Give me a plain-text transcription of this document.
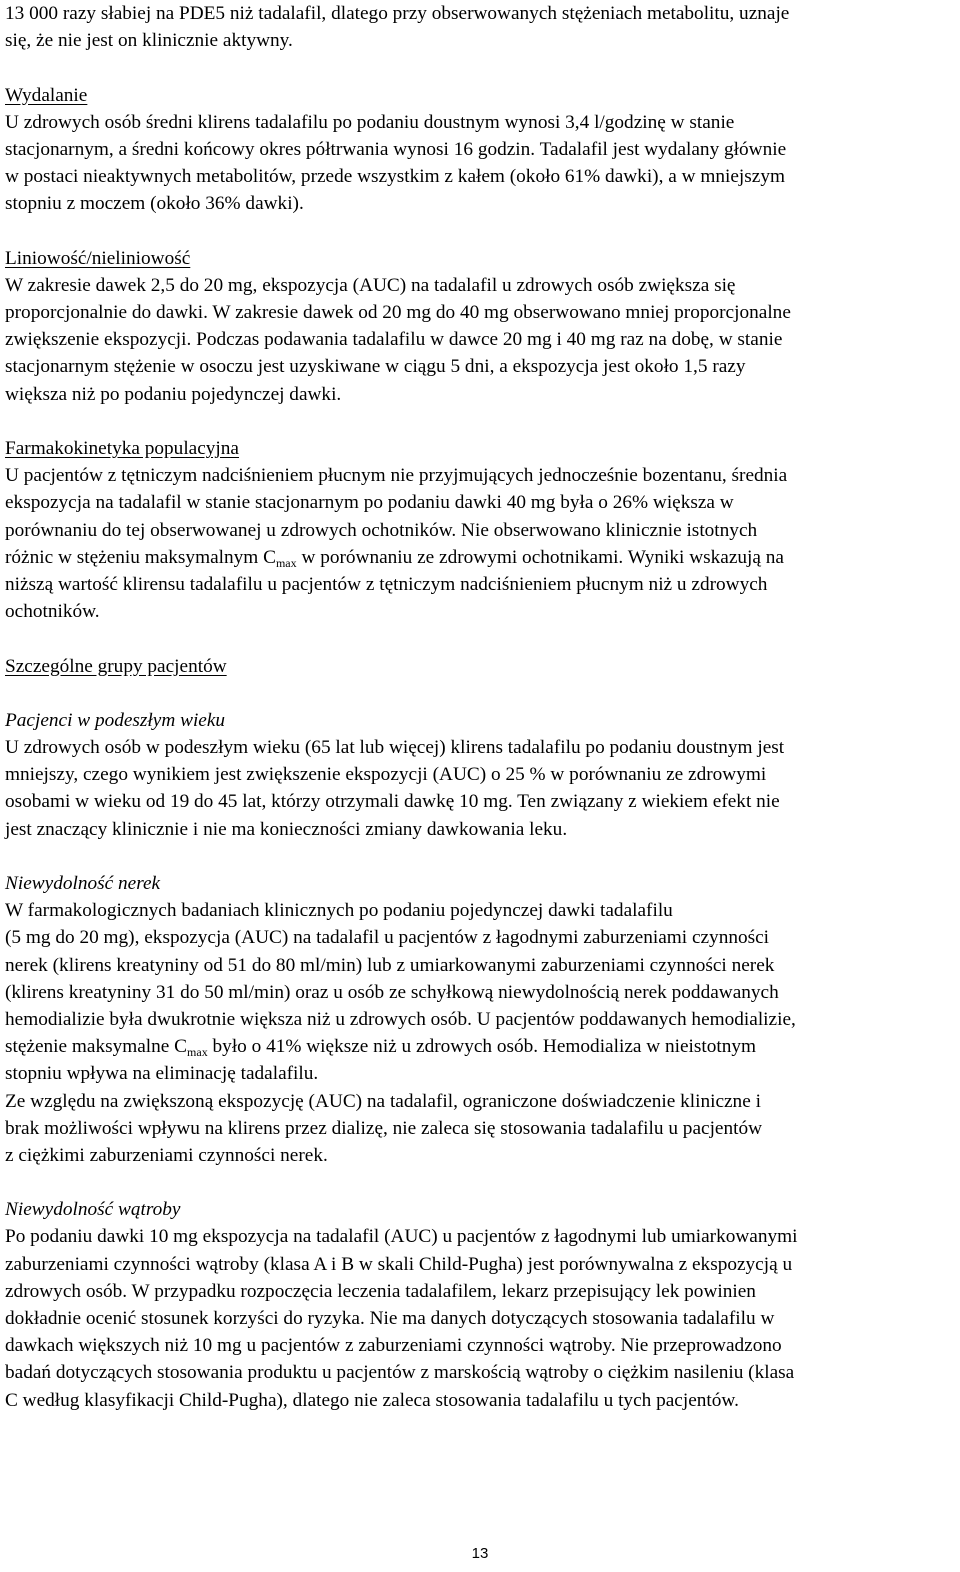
13 000 razy słabiej na PDE5 niż tadalafil, dlatego przy obserwowanych stężeniach metabolitu, uznaje
się, że nie jest on klinicznie aktywny.
Wydalanie
U zdrowych osób średni klirens tadalafilu po podaniu doustnym wynosi 3,4 l/godzinę w stanie
stacjonarnym, a średni końcowy okres półtrwania wynosi 16 godzin. Tadalafil jest wydalany głównie
w postaci nieaktywnych metabolitów, przede wszystkim z kałem (około 61% dawki), a w mniejszym
stopniu z moczem (około 36% dawki).
Liniowość/nieliniowość
W zakresie dawek 2,5 do 20 mg, ekspozycja (AUC) na tadalafil u zdrowych osób zwiększa się
proporcjonalnie do dawki. W zakresie dawek od 20 mg do 40 mg obserwowano mniej proporcjonalne
zwiększenie ekspozycji. Podczas podawania tadalafilu w dawce 20 mg i 40 mg raz na dobę, w stanie
stacjonarnym stężenie w osoczu jest uzyskiwane w ciągu 5 dni, a ekspozycja jest około 1,5 razy
większa niż po podaniu pojedynczej dawki.
Farmakokinetyka populacyjna
U pacjentów z tętniczym nadciśnieniem płucnym nie przyjmujących jednocześnie bozentanu, średnia
ekspozycja na tadalafil w stanie stacjonarnym po podaniu dawki 40 mg była o 26% większa w
porównaniu do tej obserwowanej u zdrowych ochotników. Nie obserwowano klinicznie istotnych
różnic w stężeniu maksymalnym $C_{max}$ w porównaniu ze zdrowymi ochotnikami. Wyniki wskazują na
niższą wartość klirensu tadalafilu u pacjentów z tętniczym nadciśnieniem płucnym niż u zdrowych
ochotników.
Szczególne grupy pacjentów
Pacjenci w podeszłym wieku
U zdrowych osób w podeszłym wieku (65 lat lub więcej) klirens tadalafilu po podaniu doustnym jest
mniejszy, czego wynikiem jest zwiększenie ekspozycji (AUC) o 25 % w porównaniu ze zdrowymi
osobami w wieku od 19 do 45 lat, którzy otrzymali dawkę 10 mg. Ten związany z wiekiem efekt nie
jest znaczący klinicznie i nie ma konieczności zmiany dawkowania leku.
Niewydolność nerek
W farmakologicznych badaniach klinicznych po podaniu pojedynczej dawki tadalafilu
(5 mg do 20 mg), ekspozycja (AUC) na tadalafil u pacjentów z łagodnymi zaburzeniami czynności
nerek (klirens kreatyniny od 51 do 80 ml/min) lub z umiarkowanymi zaburzeniami czynności nerek
(klirens kreatyniny 31 do 50 ml/min) oraz u osób ze schyłkową niewydolnością nerek poddawanych
hemodializie była dwukrotnie większa niż u zdrowych osób. U pacjentów poddawanych hemodializie,
stężenie maksymalne $C_{max}$ było o 41% większe niż u zdrowych osób. Hemodializa w nieistotnym
stopniu wpływa na eliminację tadalafilu.
Ze względu na zwiększoną ekspozycję (AUC) na tadalafil, ograniczone doświadczenie kliniczne i
brak możliwości wpływu na klirens przez dializę, nie zaleca się stosowania tadalafilu u pacjentów
z ciężkimi zaburzeniami czynności nerek.
Niewydolność wątroby
Po podaniu dawki 10 mg ekspozycja na tadalafil (AUC) u pacjentów z łagodnymi lub umiarkowanymi
zaburzeniami czynności wątroby (klasa A i B w skali Child-Pugha) jest porównywalna z ekspozycją u
zdrowych osób. W przypadku rozpoczęcia leczenia tadalafilem, lekarz przepisujący lek powinien
dokładnie ocenić stosunek korzyści do ryzyka. Nie ma danych dotyczących stosowania tadalafilu w
dawkach większych niż 10 mg u pacjentów z zaburzeniami czynności wątroby. Nie przeprowadzono
badań dotyczących stosowania produktu u pacjentów z marskością wątroby o ciężkim nasileniu (klasa
C według klasyfikacji Child-Pugha), dlatego nie zaleca stosowania tadalafilu u tych pacjentów.
13
